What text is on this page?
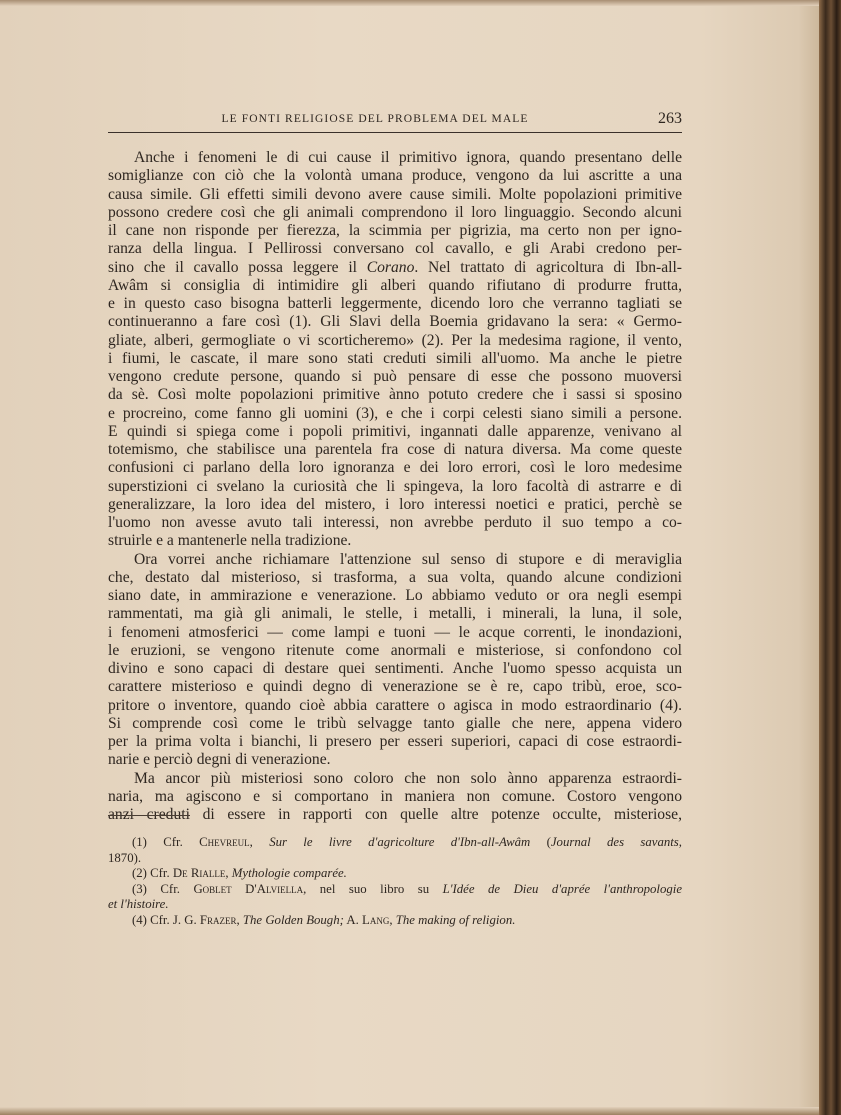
LE FONTI RELIGIOSE DEL PROBLEMA DEL MALE	263
Anche i fenomeni le di cui cause il primitivo ignora, quando presentano delle
somiglianze con ciò che la volontà umana produce, vengono da lui ascritte a una
causa simile. Gli effetti simili devono avere cause simili. Molte popolazioni primitive
possono credere così che gli animali comprendono il loro linguaggio. Secondo alcuni
il cane non risponde per fierezza, la scimmia per pigrizia, ma certo non per igno-
ranza della lingua. I Pellirossi conversano col cavallo, e gli Arabi credono per-
sino che il cavallo possa leggere il Corano. Nel trattato di agricoltura di Ibn-all-
Awâm si consiglia di intimidire gli alberi quando rifiutano di produrre frutta,
e in questo caso bisogna batterli leggermente, dicendo loro che verranno tagliati se
continueranno a fare così (1). Gli Slavi della Boemia gridavano la sera: « Germo-
gliate, alberi, germogliate o vi scorticheremo» (2). Per la medesima ragione, il vento,
i fiumi, le cascate, il mare sono stati creduti simili all'uomo. Ma anche le pietre
vengono credute persone, quando si può pensare di esse che possono muoversi
da sè. Così molte popolazioni primitive ànno potuto credere che i sassi si sposino
e procreino, come fanno gli uomini (3), e che i corpi celesti siano simili a persone.
E quindi si spiega come i popoli primitivi, ingannati dalle apparenze, venivano al
totemismo, che stabilisce una parentela fra cose di natura diversa. Ma come queste
confusioni ci parlano della loro ignoranza e dei loro errori, così le loro medesime
superstizioni ci svelano la curiosità che li spingeva, la loro facoltà di astrarre e di
generalizzare, la loro idea del mistero, i loro interessi noetici e pratici, perchè se
l'uomo non avesse avuto tali interessi, non avrebbe perduto il suo tempo a co-
struirle e a mantenerle nella tradizione.
Ora vorrei anche richiamare l'attenzione sul senso di stupore e di meraviglia
che, destato dal misterioso, si trasforma, a sua volta, quando alcune condizioni
siano date, in ammirazione e venerazione. Lo abbiamo veduto or ora negli esempi
rammentati, ma già gli animali, le stelle, i metalli, i minerali, la luna, il sole,
i fenomeni atmosferici — come lampi e tuoni — le acque correnti, le inondazioni,
le eruzioni, se vengono ritenute come anormali e misteriose, si confondono col
divino e sono capaci di destare quei sentimenti. Anche l'uomo spesso acquista un
carattere misterioso e quindi degno di venerazione se è re, capo tribù, eroe, sco-
pritore o inventore, quando cioè abbia carattere o agisca in modo estraordinario (4).
Si comprende così come le tribù selvagge tanto gialle che nere, appena videro
per la prima volta i bianchi, li presero per esseri superiori, capaci di cose estraordi-
narie e perciò degni di venerazione.
Ma ancor più misteriosi sono coloro che non solo ànno apparenza estraordi-
naria, ma agiscono e si comportano in maniera non comune. Costoro vengono
anzi creduti di essere in rapporti con quelle altre potenze occulte, misteriose,
(1) Cfr. Chevreul, Sur le livre d'agricolture d'Ibn-all-Awâm (Journal des savants,
1870).
(2) Cfr. De Rialle, Mythologie comparée.
(3) Cfr. Goblet D'Alviella, nel suo libro su L'Idée de Dieu d'aprée l'anthropologie
et l'histoire.
(4) Cfr. J. G. Frazer, The Golden Bough; A. Lang, The making of religion.
